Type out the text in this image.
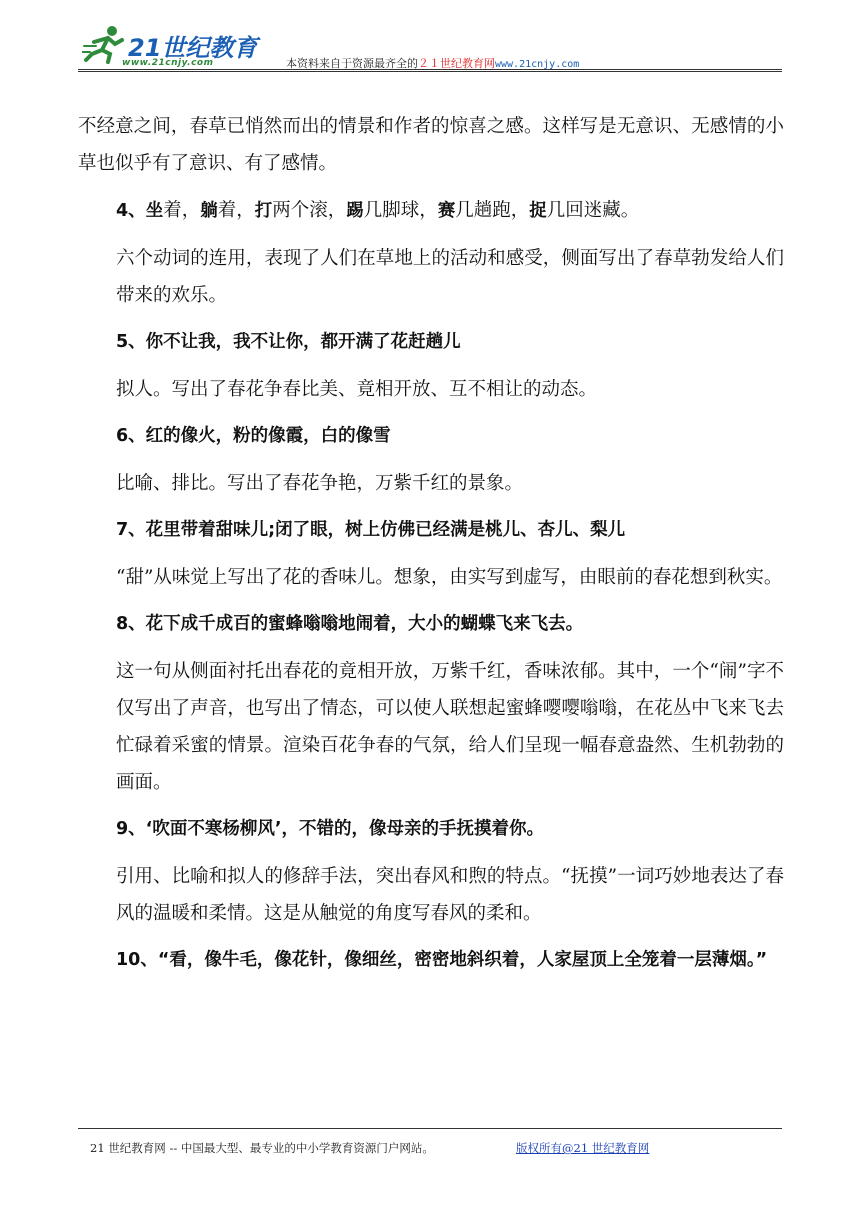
21世纪教育
www.21cnjy.com	本资料来自于资源最齐全的２１世纪教育网www.21cnjy.com

不经意之间，春草已悄然而出的情景和作者的惊喜之感。这样写是无意识、无感情的小草也似乎有了意识、有了感情。

4、坐着，躺着，打两个滚，踢几脚球，赛几趟跑，捉几回迷藏。

六个动词的连用，表现了人们在草地上的活动和感受，侧面写出了春草勃发给人们带来的欢乐。

5、你不让我，我不让你，都开满了花赶趟儿

拟人。写出了春花争春比美、竟相开放、互不相让的动态。

6、红的像火，粉的像霞，白的像雪

比喻、排比。写出了春花争艳，万紫千红的景象。

7、花里带着甜味儿;闭了眼，树上仿佛已经满是桃儿、杏儿、梨儿

“甜”从味觉上写出了花的香味儿。想象，由实写到虚写，由眼前的春花想到秋实。

8、花下成千成百的蜜蜂嗡嗡地闹着，大小的蝴蝶飞来飞去。

这一句从侧面衬托出春花的竟相开放，万紫千红，香味浓郁。其中，一个“闹”字不仅写出了声音，也写出了情态，可以使人联想起蜜蜂嘤嘤嗡嗡，在花丛中飞来飞去忙碌着采蜜的情景。渲染百花争春的气氛，给人们呈现一幅春意盎然、生机勃勃的画面。

9、‘吹面不寒杨柳风’，不错的，像母亲的手抚摸着你。

引用、比喻和拟人的修辞手法，突出春风和煦的特点。“抚摸”一词巧妙地表达了春风的温暖和柔情。这是从触觉的角度写春风的柔和。

10、“看，像牛毛，像花针，像细丝，密密地斜织着，人家屋顶上全笼着一层薄烟。”

21 世纪教育网 -- 中国最大型、最专业的中小学教育资源门户网站。	版权所有@21 世纪教育网
